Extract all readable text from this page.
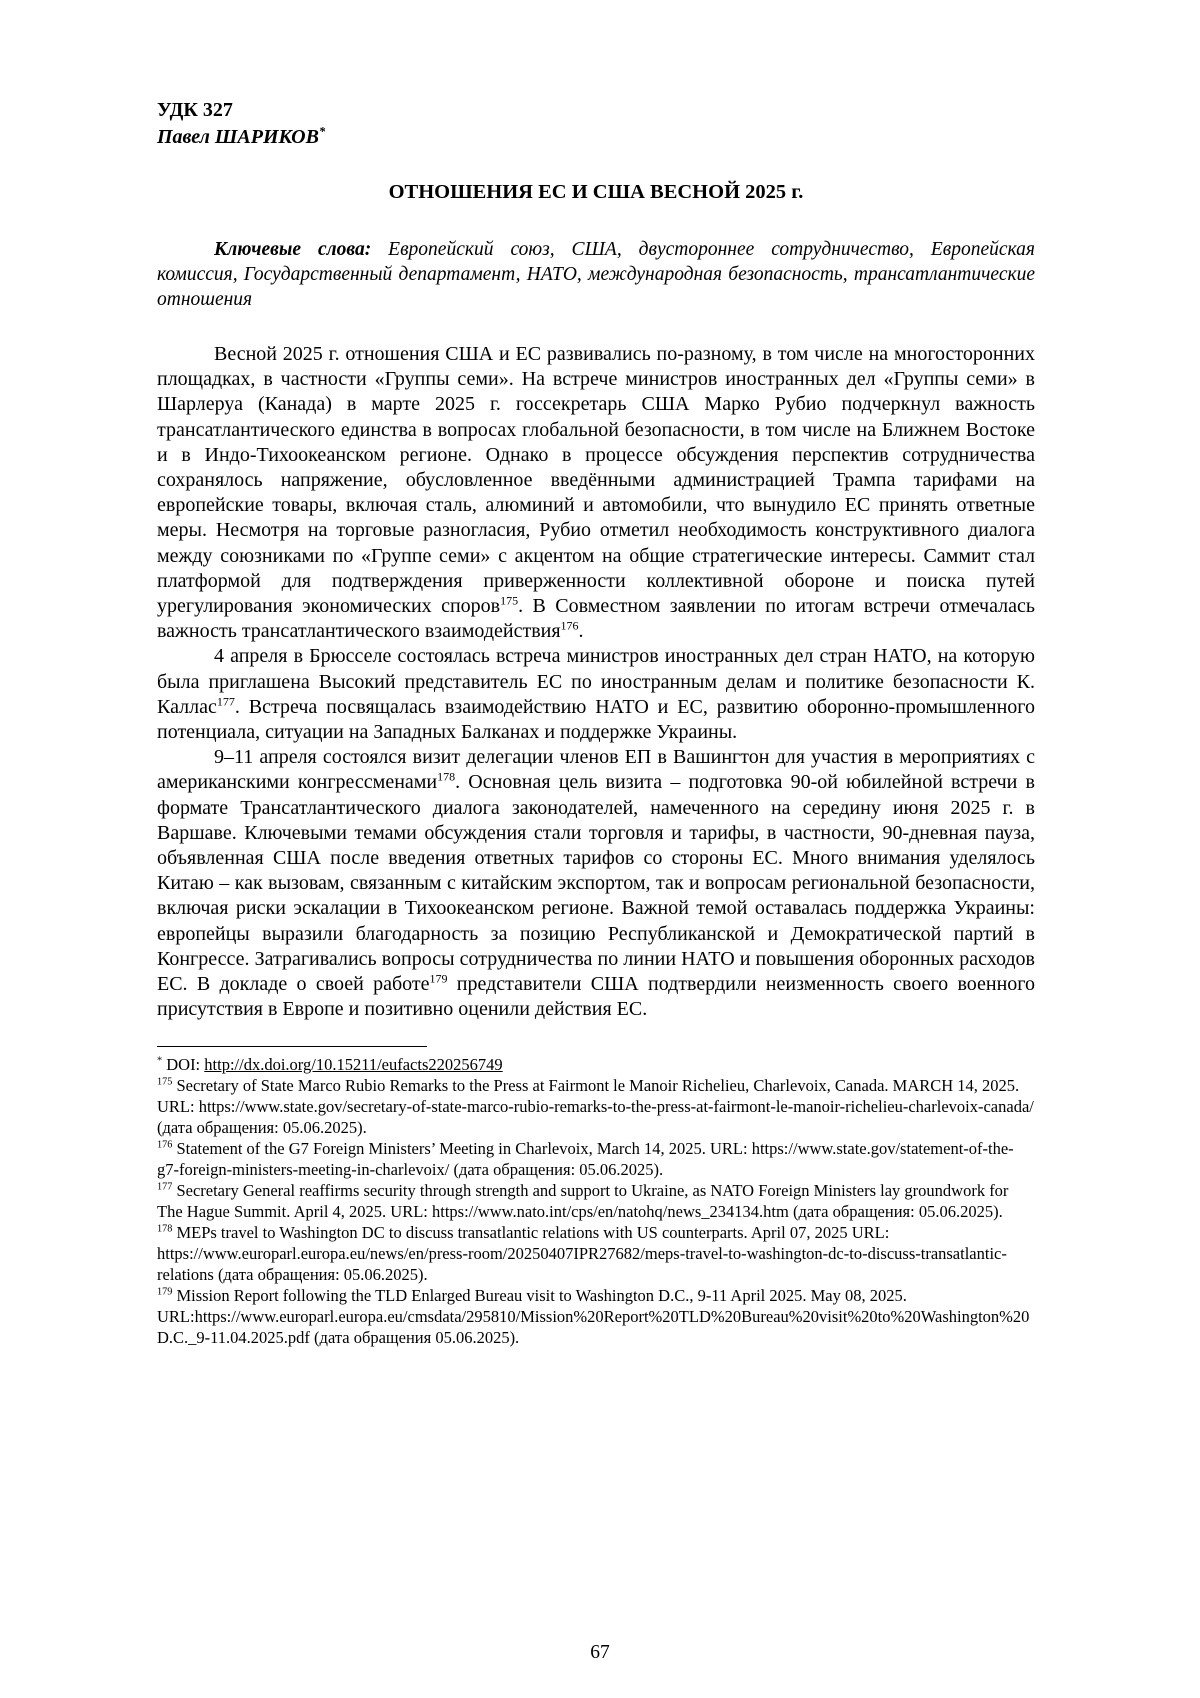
УДК 327
Павел ШАРИКОВ*
ОТНОШЕНИЯ ЕС И США ВЕСНОЙ 2025 г.

Ключевые слова: Европейский союз, США, двустороннее сотрудничество, Европейская комиссия, Государственный департамент, НАТО, международная безопасность, трансатлантические отношения

Весной 2025 г. отношения США и ЕС развивались по-разному, в том числе на многосторонних площадках, в частности «Группы семи». На встрече министров иностранных дел «Группы семи» в Шарлеруа (Канада) в марте 2025 г. госсекретарь США Марко Рубио подчеркнул важность трансатлантического единства в вопросах глобальной безопасности, в том числе на Ближнем Востоке и в Индо-Тихоокеанском регионе. Однако в процессе обсуждения перспектив сотрудничества сохранялось напряжение, обусловленное введёнными администрацией Трампа тарифами на европейские товары, включая сталь, алюминий и автомобили, что вынудило ЕС принять ответные меры. Несмотря на торговые разногласия, Рубио отметил необходимость конструктивного диалога между союзниками по «Группе семи» с акцентом на общие стратегические интересы. Саммит стал платформой для подтверждения приверженности коллективной обороне и поиска путей урегулирования экономических споров$^{175}$. В Совместном заявлении по итогам встречи отмечалась важность трансатлантического взаимодействия$^{176}$.

4 апреля в Брюсселе состоялась встреча министров иностранных дел стран НАТО, на которую была приглашена Высокий представитель ЕС по иностранным делам и политике безопасности К. Каллас$^{177}$. Встреча посвящалась взаимодействию НАТО и ЕС, развитию оборонно-промышленного потенциала, ситуации на Западных Балканах и поддержке Украины.

9–11 апреля состоялся визит делегации членов ЕП в Вашингтон для участия в мероприятиях с американскими конгрессменами$^{178}$. Основная цель визита – подготовка 90-ой юбилейной встречи в формате Трансатлантического диалога законодателей, намеченного на середину июня 2025 г. в Варшаве. Ключевыми темами обсуждения стали торговля и тарифы, в частности, 90-дневная пауза, объявленная США после введения ответных тарифов со стороны ЕС. Много внимания уделялось Китаю – как вызовам, связанным с китайским экспортом, так и вопросам региональной безопасности, включая риски эскалации в Тихоокеанском регионе. Важной темой оставалась поддержка Украины: европейцы выразили благодарность за позицию Республиканской и Демократической партий в Конгрессе. Затрагивались вопросы сотрудничества по линии НАТО и повышения оборонных расходов ЕС. В докладе о своей работе$^{179}$ представители США подтвердили неизменность своего военного присутствия в Европе и позитивно оценили действия ЕС.

* DOI: http://dx.doi.org/10.15211/eufacts220256749
$^{175}$ Secretary of State Marco Rubio Remarks to the Press at Fairmont le Manoir Richelieu, Charlevoix, Canada. MARCH 14, 2025. URL: https://www.state.gov/secretary-of-state-marco-rubio-remarks-to-the-press-at-fairmont-le-manoir-richelieu-charlevoix-canada/ (дата обращения: 05.06.2025).
$^{176}$ Statement of the G7 Foreign Ministers’ Meeting in Charlevoix, March 14, 2025. URL: https://www.state.gov/statement-of-the-g7-foreign-ministers-meeting-in-charlevoix/ (дата обращения: 05.06.2025).
$^{177}$ Secretary General reaffirms security through strength and support to Ukraine, as NATO Foreign Ministers lay groundwork for The Hague Summit. April 4, 2025. URL: https://www.nato.int/cps/en/natohq/news_234134.htm (дата обращения: 05.06.2025).
$^{178}$ MEPs travel to Washington DC to discuss transatlantic relations with US counterparts. April 07, 2025 URL: https://www.europarl.europa.eu/news/en/press-room/20250407IPR27682/meps-travel-to-washington-dc-to-discuss-transatlantic-relations (дата обращения: 05.06.2025).
$^{179}$ Mission Report following the TLD Enlarged Bureau visit to Washington D.C., 9-11 April 2025. May 08, 2025. URL:https://www.europarl.europa.eu/cmsdata/295810/Mission%20Report%20TLD%20Bureau%20visit%20to%20Washington%20D.C._9-11.04.2025.pdf (дата обращения 05.06.2025).
67
